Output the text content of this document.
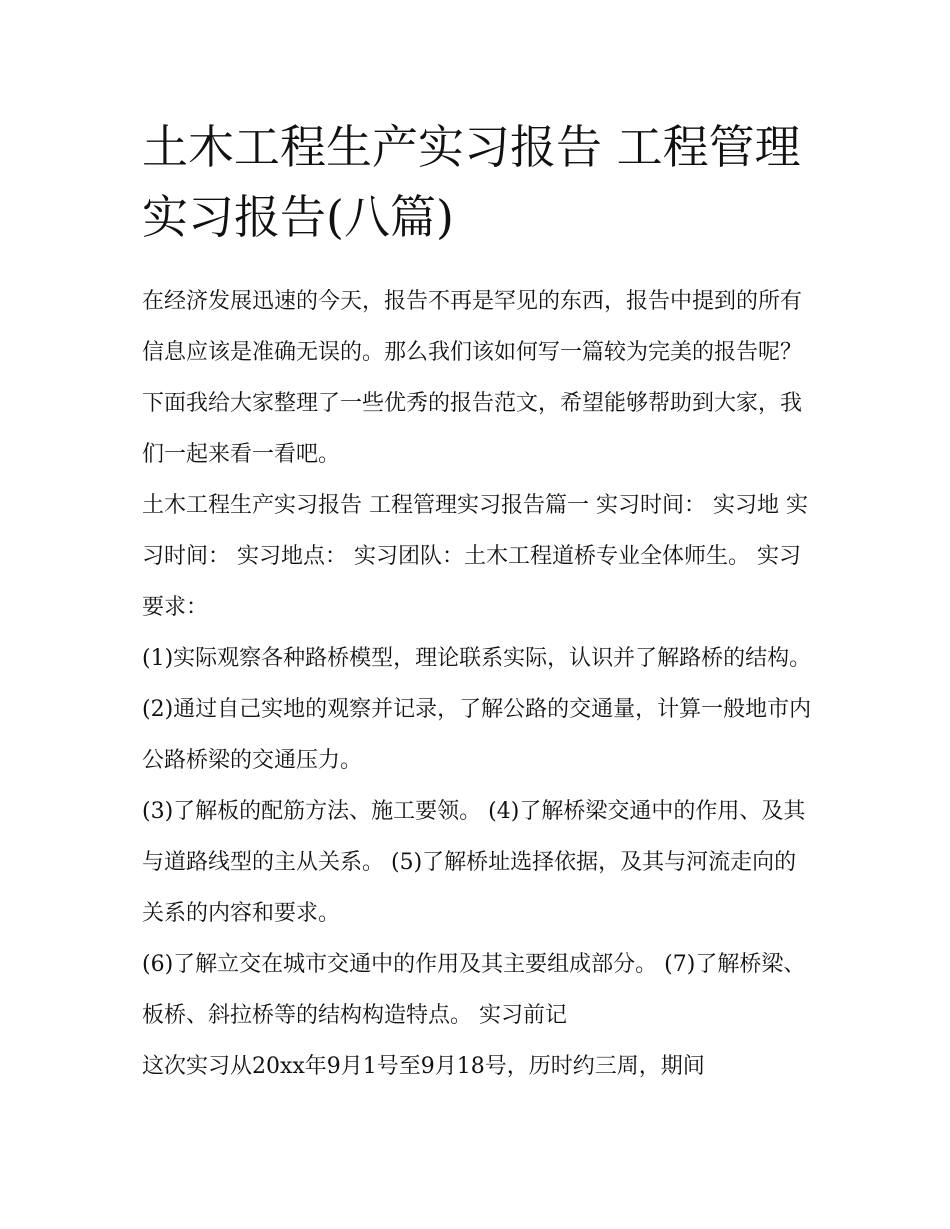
土木工程生产实习报告 工程管理实习报告(八篇)

在经济发展迅速的今天，报告不再是罕见的东西，报告中提到的所有信息应该是准确无误的。那么我们该如何写一篇较为完美的报告呢？下面我给大家整理了一些优秀的报告范文，希望能够帮助到大家，我们一起来看一看吧。

土木工程生产实习报告 工程管理实习报告篇一 实习时间： 实习地 实习时间： 实习地点： 实习团队：土木工程道桥专业全体师生。 实习要求：

(1)实际观察各种路桥模型，理论联系实际，认识并了解路桥的结构。 (2)通过自己实地的观察并记录，了解公路的交通量，计算一般地市内公路桥梁的交通压力。

(3)了解板的配筋方法、施工要领。 (4)了解桥梁交通中的作用、及其与道路线型的主从关系。 (5)了解桥址选择依据，及其与河流走向的关系的内容和要求。

(6)了解立交在城市交通中的作用及其主要组成部分。 (7)了解桥梁、板桥、斜拉桥等的结构构造特点。 实习前记

这次实习从20xx年9月1号至9月18号，历时约三周，期间
